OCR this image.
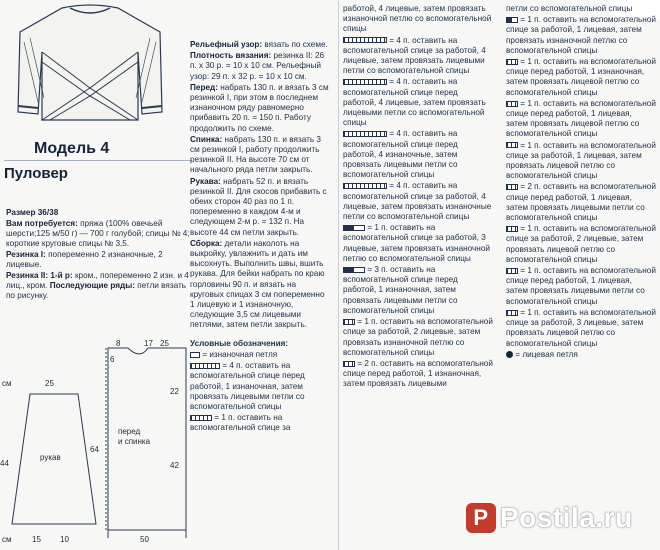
Модель 4
Пуловер

Размер 36/38

Вам потребуется: пряжа (100% овечьей шерсти;125 м/50 г) — 700 г голубой; спицы № 4; короткие круговые спицы № 3,5.

Резинка I: попеременно 2 изнаночные, 2 лицевые.

Резинка II: 1-й р: кром., попеременно 2 изн. и 4 лиц., кром. Последующие ряды: петли вязать по рисунку.

см	25
44
рукав
см	15 10
8	17 25
6
64
перед
и спинка
42
22
50

Рельефный узор: вязать по схеме.

Плотность вязания: резинка II: 26 п. x 30 р. = 10 x 10 см. Рельефный узор: 29 п. x 32 р. = 10 x 10 см.

Перед: набрать 130 п. и вязать 3 см резинкой I, при этом в последнем изнаночном ряду равномерно прибавить 20 п. = 150 п. Работу продолжить по схеме.

Спинка: набрать 130 п. и вязать 3 см резинкой I, работу продолжить резинкой II. На высоте 70 см от начального ряда петли закрыть.

Рукава: набрать 52 п. и вязать резинкой II. Для скосов прибавить с обеих сторон 40 раз по 1 п. попеременно в каждом 4-м и следующем 2-м р. = 132 п. На высоте 44 см петли закрыть.

Сборка: детали наколоть на выкройку, увлажнить и дать им высохнуть. Выполнить швы, вшить рукава. Для бейки набрать по краю горловины 90 п. и вязать на круговых спицах 3 см попеременно 1 лицевую и 1 изнаночную, следующие 3,5 см лицевыми петлями, затем петли закрыть.

Условные обозначения:

= изнаночная петля

= 4 п. оставить на вспомогательной спице перед работой, 1 изнаночная, затем провязать лицевыми петли со вспомогательной спицы

= 1 п. оставить на вспомогательной спице за

работой, 4 лицевые, затем провязать изнаночной петлю со вспомогательной спицы
= 4 п. оставить на вспомогательной спице за работой, 4 лицевые, затем провязать лицевыми петли со вспомогательной спицы
= 4 п. оставить на вспомогательной спице перед работой, 4 лицевые, затем провязать лицевыми петли со вспомогательной спицы
= 4 п. оставить на вспомогательной спице перед работой, 4 изнаночные, затем провязать лицевыми петли со вспомогательной спицы
= 4 п. оставить на вспомогательной спице за работой, 4 лицевые, затем провязать изнаночные петли со вспомогательной спицы
= 1 п. оставить на вспомогательной спице за работой, 3 лицевые, затем провязать изнаночной петлю со вспомогательной спицы
= 3 п. оставить на вспомогательной спице перед работой, 1 изнаночная, затем провязать лицевыми петли со вспомогательной спицы
= 1 п. оставить на вспомогательной спице за работой, 2 лицевые, затем провязать изнаночной петлю со вспомогательной спицы
= 2 п. оставить на вспомогательной спице перед работой, 1 изнаночная, затем провязать лицевыми
петли со вспомогательной спицы
= 1 п. оставить на вспомогательной спице за работой, 1 лицевая, затем провязать изнаночной петлю со вспомогательной спицы
= 1 п. оставить на вспомогательной спице перед работой, 1 изнаночная, затем провязать лицевой петлю со вспомогательной спицы
= 1 п. оставить на вспомогательной спице перед работой, 1 лицевая, затем провязать лицевой петлю со вспомогательной спицы
= 1 п. оставить на вспомогательной спице за работой, 1 лицевая, затем провязать лицевой петлю со вспомогательной спицы
= 2 п. оставить на вспомогательной спице перед работой, 1 лицевая, затем провязать лицевыми петли со вспомогательной спицы
= 1 п. оставить на вспомогательной спице за работой, 2 лицевые, затем провязать лицевой петлю со вспомогательной спицы
= 1 п. оставить на вспомогательной спице перед работой, 1 лицевая, затем провязать лицевыми петли со вспомогательной спицы
= 1 п. оставить на вспомогательной спице за работой, 3 лицевые, затем провязать лицевой петлю со вспомогательной спицы
= лицевая петля
P Postila.ru
